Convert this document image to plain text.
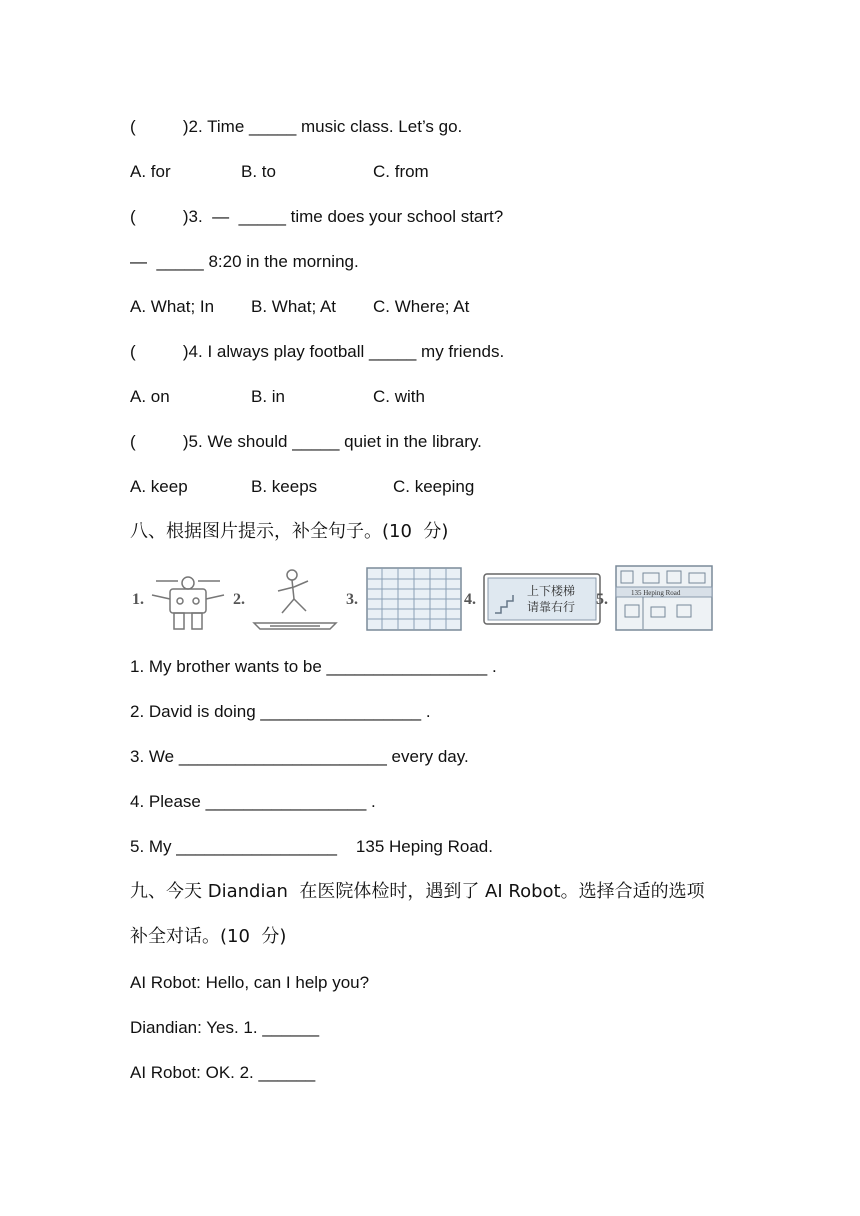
(          )2. Time _____ music class. Let’s go.
A. for	B. to	C. from
(          )3.  —  _____ time does your school start?
—  _____ 8:20 in the morning.
A. What; In B. What; At C. Where; At
(          )4. I always play football _____ my friends.
A. on	B. in	C. with
(          )5. We should _____ quiet in the library.
A. keep	B. keeps	C. keeping
八、根据图片提示，补全句子。(10  分)
1.	2.	3.	4.	上下楼梯
请靠右行 5.	135 Heping Road
1. My brother wants to be _________________ .
2. David is doing _________________ .
3. We ______________________ every day.
4. Please _________________ .
5. My _________________    135 Heping Road.
九、今天 Diandian  在医院体检时，遇到了 AI Robot。选择合适的选项
补全对话。(10  分)
AI Robot: Hello, can I help you?
Diandian: Yes. 1. ______
AI Robot: OK. 2. ______
